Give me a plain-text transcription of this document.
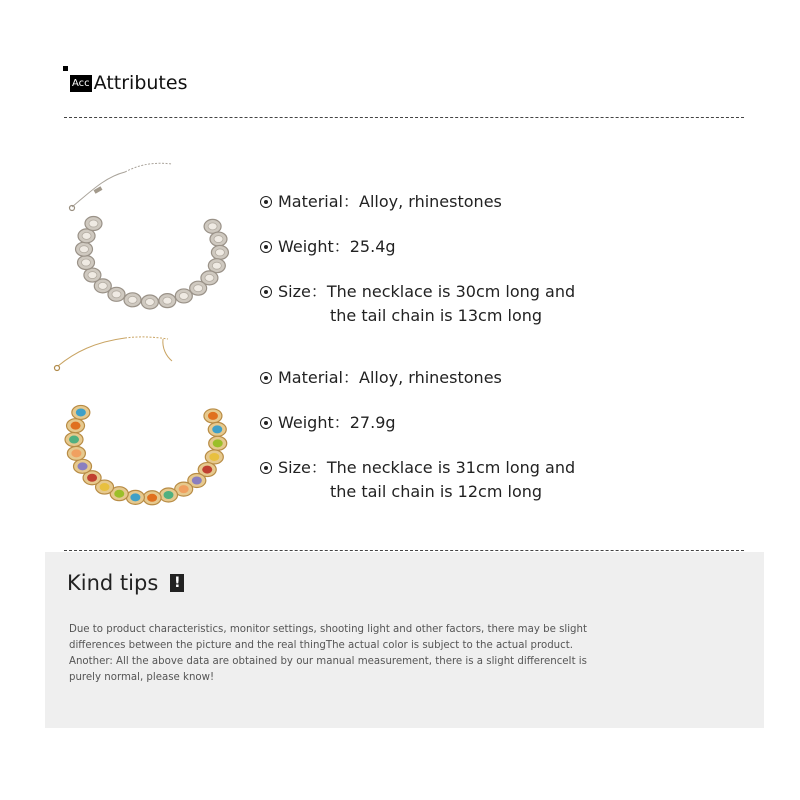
Acc Attributes
Material：Alloy, rhinestones
Weight：25.4g
Size：The necklace is 30cm long and
the tail chain is 13cm long
Material：Alloy, rhinestones
Weight：27.9g
Size：The necklace is 31cm long and
the tail chain is 12cm long
Kind tips !
Due to product characteristics, monitor settings, shooting light and other factors, there may be slight
differences between the picture and the real thingThe actual color is subject to the actual product.
Another: All the above data are obtained by our manual measurement, there is a slight differenceIt is
purely normal, please know!
